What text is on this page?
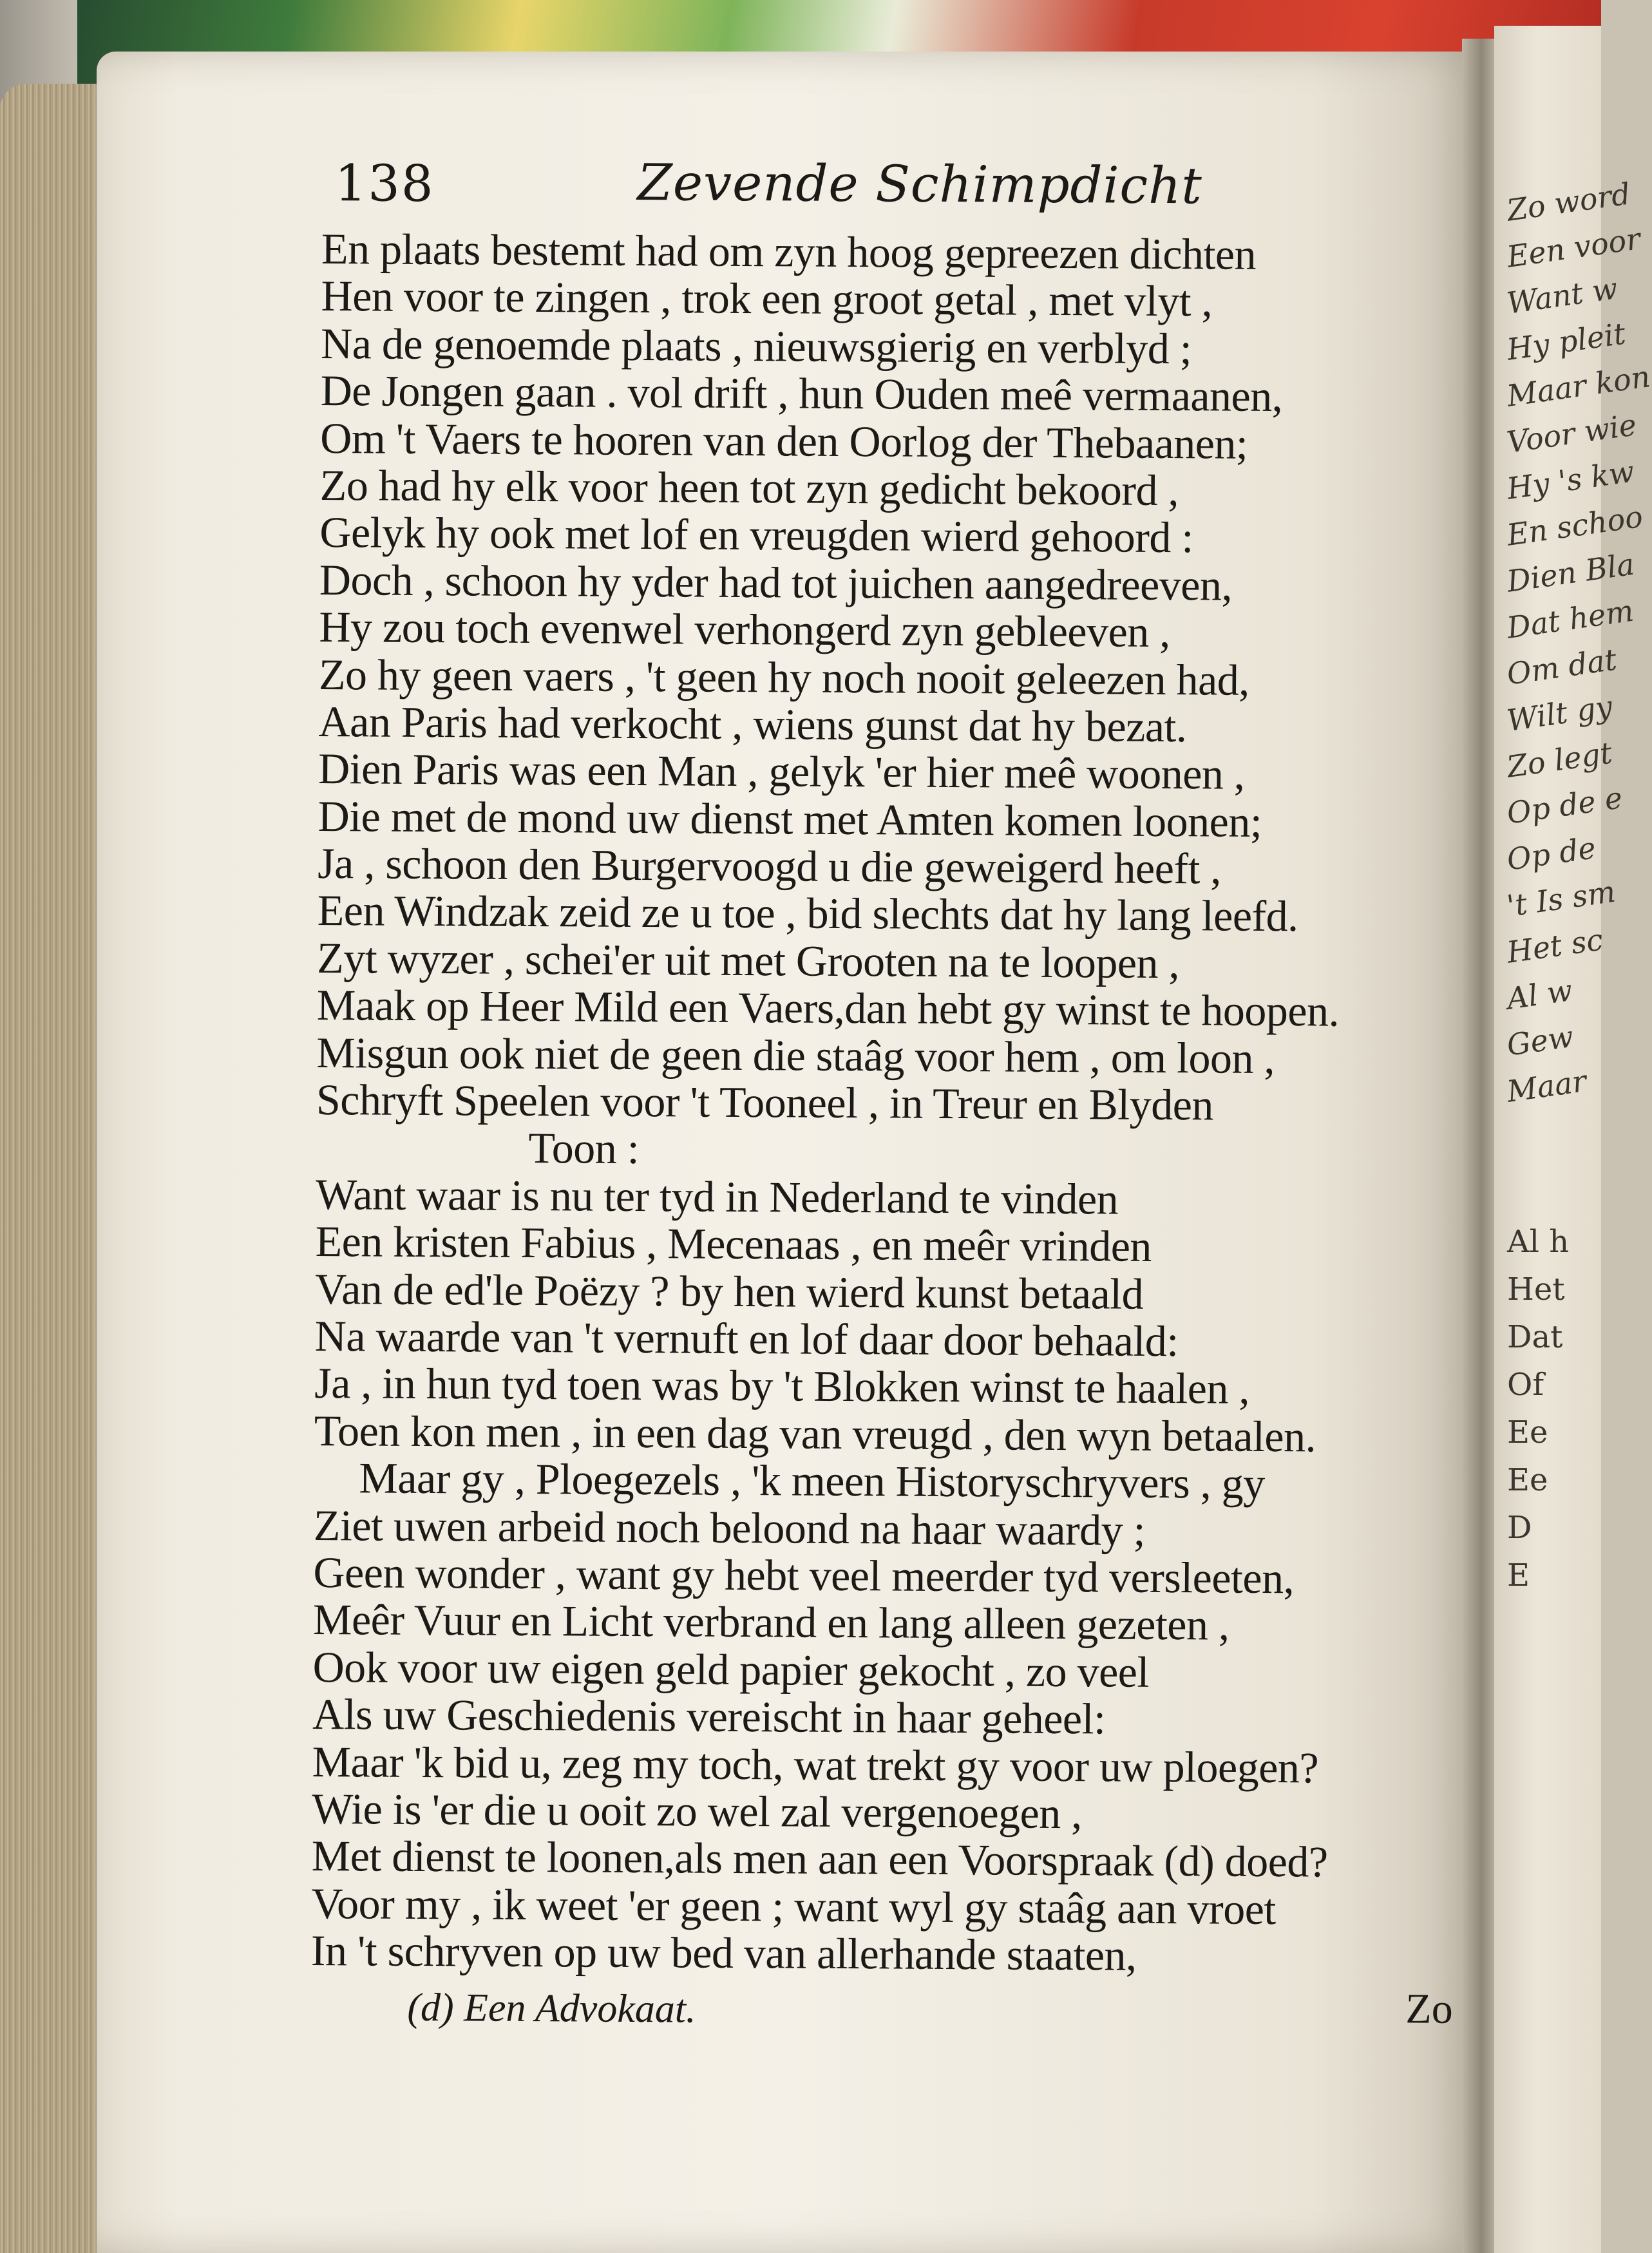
Zo word
Een voor
Want w
Hy pleit
Maar kon
Voor wie
Hy 's kw
En schoo
Dien Bla
Dat hem
Om dat
Wilt gy
Zo legt
Op de e
Op de
't Is sm
Het sc
Al w
Gew
Maar
Al h
Het
Dat
Of
Ee
Ee
D
E
138	Zevende Schimpdicht
En plaats bestemt had om zyn hoog gepreezen dichten
Hen voor te zingen , trok een groot getal , met vlyt ,
Na de genoemde plaats , nieuwsgierig en verblyd ;
De Jongen gaan . vol drift , hun Ouden meê vermaanen,
Om 't Vaers te hooren van den Oorlog der Thebaanen;
Zo had hy elk voor heen tot zyn gedicht bekoord ,
Gelyk hy ook met lof en vreugden wierd gehoord :
Doch , schoon hy yder had tot juichen aangedreeven,
Hy zou toch evenwel verhongerd zyn gebleeven ,
Zo hy geen vaers , 't geen hy noch nooit geleezen had,
Aan Paris had verkocht , wiens gunst dat hy bezat.
Dien Paris was een Man , gelyk 'er hier meê woonen ,
Die met de mond uw dienst met Amten komen loonen;
Ja , schoon den Burgervoogd u die geweigerd heeft ,
Een Windzak zeid ze u toe , bid slechts dat hy lang leefd.
Zyt wyzer , schei'er uit met Grooten na te loopen ,
Maak op Heer Mild een Vaers,dan hebt gy winst te hoopen.
Misgun ook niet de geen die staâg voor hem , om loon ,
Schryft Speelen voor 't Tooneel , in Treur en Blyden
Toon :
Want waar is nu ter tyd in Nederland te vinden
Een kristen Fabius , Mecenaas , en meêr vrinden
Van de ed'le Poëzy ? by hen wierd kunst betaald
Na waarde van 't vernuft en lof daar door behaald:
Ja , in hun tyd toen was by 't Blokken winst te haalen ,
Toen kon men , in een dag van vreugd , den wyn betaalen.
Maar gy , Ploegezels , 'k meen Historyschryvers , gy
Ziet uwen arbeid noch beloond na haar waardy ;
Geen wonder , want gy hebt veel meerder tyd versleeten,
Meêr Vuur en Licht verbrand en lang alleen gezeten ,
Ook voor uw eigen geld papier gekocht , zo veel
Als uw Geschiedenis vereischt in haar geheel:
Maar 'k bid u, zeg my toch, wat trekt gy voor uw ploegen?
Wie is 'er die u ooit zo wel zal vergenoegen ,
Met dienst te loonen,als men aan een Voorspraak (d) doed?
Voor my , ik weet 'er geen ; want wyl gy staâg aan vroet
In 't schryven op uw bed van allerhande staaten,
(d) Een Advokaat.	Zo
